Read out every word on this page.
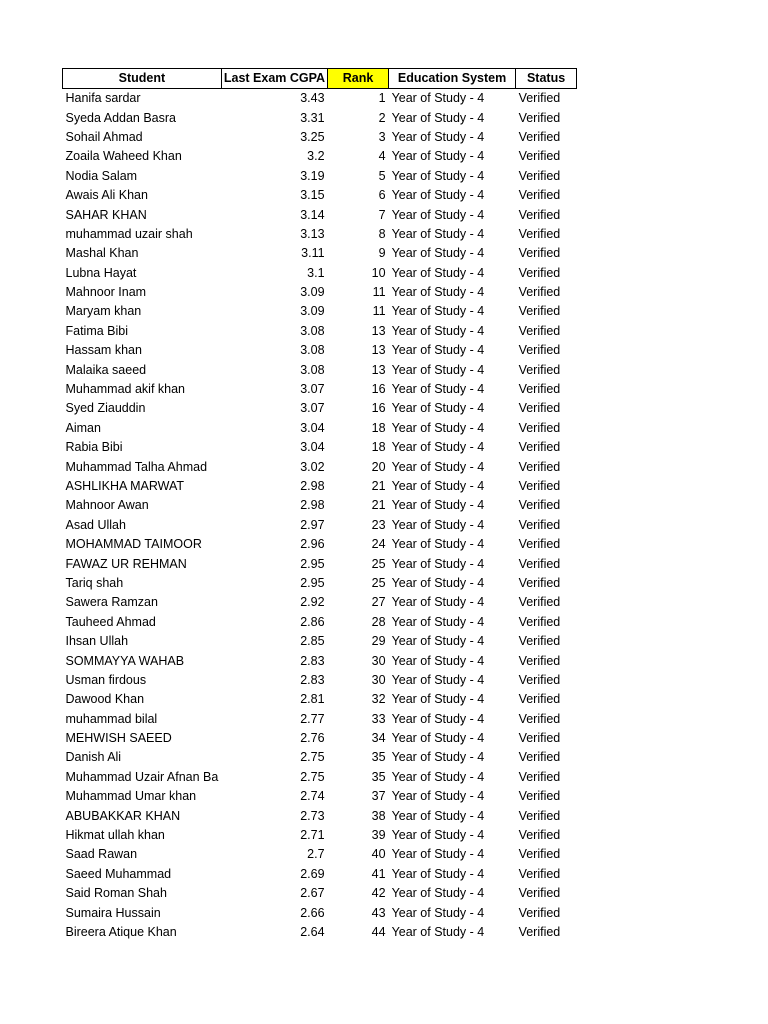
Student	Last Exam CGPA	Rank	Education System	Status
Hanifa sardar	3.43	1	Year of Study - 4	Verified
Syeda Addan Basra	3.31	2	Year of Study - 4	Verified
Sohail Ahmad	3.25	3	Year of Study - 4	Verified
Zoaila Waheed Khan	3.2	4	Year of Study - 4	Verified
Nodia Salam	3.19	5	Year of Study - 4	Verified
Awais Ali Khan	3.15	6	Year of Study - 4	Verified
SAHAR KHAN	3.14	7	Year of Study - 4	Verified
muhammad uzair shah	3.13	8	Year of Study - 4	Verified
Mashal Khan	3.11	9	Year of Study - 4	Verified
Lubna Hayat	3.1	10	Year of Study - 4	Verified
Mahnoor Inam	3.09	11	Year of Study - 4	Verified
Maryam khan	3.09	11	Year of Study - 4	Verified
Fatima Bibi	3.08	13	Year of Study - 4	Verified
Hassam khan	3.08	13	Year of Study - 4	Verified
Malaika saeed	3.08	13	Year of Study - 4	Verified
Muhammad akif khan	3.07	16	Year of Study - 4	Verified
Syed Ziauddin	3.07	16	Year of Study - 4	Verified
Aiman	3.04	18	Year of Study - 4	Verified
Rabia Bibi	3.04	18	Year of Study - 4	Verified
Muhammad Talha Ahmad	3.02	20	Year of Study - 4	Verified
ASHLIKHA MARWAT	2.98	21	Year of Study - 4	Verified
Mahnoor Awan	2.98	21	Year of Study - 4	Verified
Asad Ullah	2.97	23	Year of Study - 4	Verified
MOHAMMAD TAIMOOR	2.96	24	Year of Study - 4	Verified
FAWAZ UR REHMAN	2.95	25	Year of Study - 4	Verified
Tariq shah	2.95	25	Year of Study - 4	Verified
Sawera Ramzan	2.92	27	Year of Study - 4	Verified
Tauheed Ahmad	2.86	28	Year of Study - 4	Verified
Ihsan Ullah	2.85	29	Year of Study - 4	Verified
SOMMAYYA WAHAB	2.83	30	Year of Study - 4	Verified
Usman firdous	2.83	30	Year of Study - 4	Verified
Dawood Khan	2.81	32	Year of Study - 4	Verified
muhammad bilal	2.77	33	Year of Study - 4	Verified
MEHWISH SAEED	2.76	34	Year of Study - 4	Verified
Danish Ali	2.75	35	Year of Study - 4	Verified
Muhammad Uzair Afnan Ba	2.75	35	Year of Study - 4	Verified
Muhammad Umar khan	2.74	37	Year of Study - 4	Verified
ABUBAKKAR KHAN	2.73	38	Year of Study - 4	Verified
Hikmat ullah khan	2.71	39	Year of Study - 4	Verified
Saad Rawan	2.7	40	Year of Study - 4	Verified
Saeed Muhammad	2.69	41	Year of Study - 4	Verified
Said Roman Shah	2.67	42	Year of Study - 4	Verified
Sumaira Hussain	2.66	43	Year of Study - 4	Verified
Bireera Atique Khan	2.64	44	Year of Study - 4	Verified
